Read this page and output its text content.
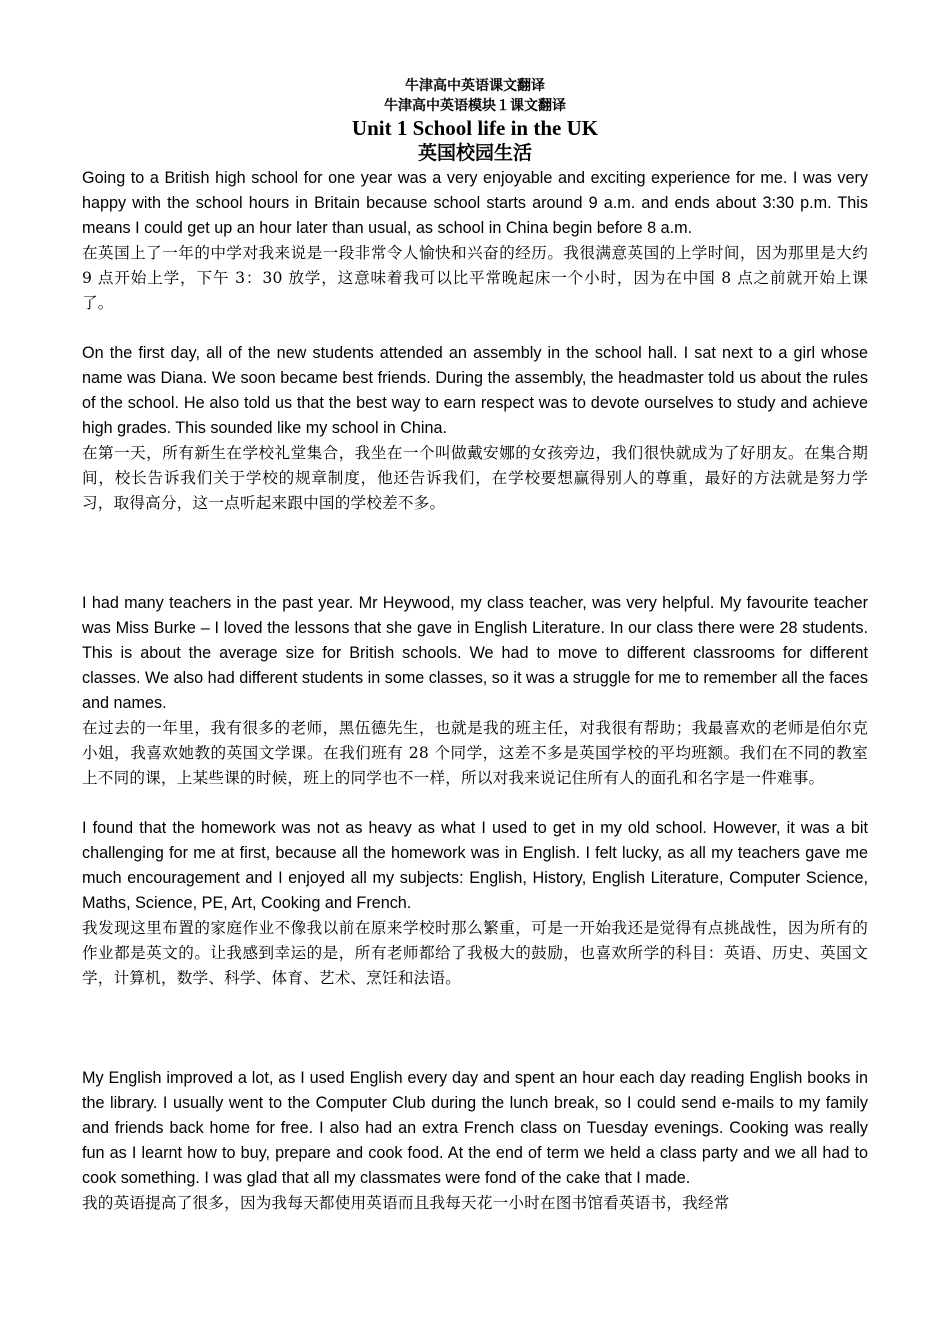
牛津高中英语课文翻译

牛津高中英语模块１课文翻译

Unit 1 School life in the UK

英国校园生活

Going to a British high school for one year was a very enjoyable and exciting experience for me. I was very happy with the school hours in Britain because school starts around 9 a.m. and ends about 3:30 p.m. This means I could get up an hour later than usual, as school in China begin before 8 a.m.

在英国上了一年的中学对我来说是一段非常令人愉快和兴奋的经历。我很满意英国的上学时间，因为那里是大约 9 点开始上学，下午 3：30 放学，这意味着我可以比平常晚起床一个小时，因为在中国 8 点之前就开始上课了。

On the first day, all of the new students attended an assembly in the school hall. I sat next to a girl whose name was Diana. We soon became best friends. During the assembly, the headmaster told us about the rules of the school. He also told us that the best way to earn respect was to devote ourselves to study and achieve high grades. This sounded like my school in China.

在第一天，所有新生在学校礼堂集合，我坐在一个叫做戴安娜的女孩旁边，我们很快就成为了好朋友。在集合期间，校长告诉我们关于学校的规章制度，他还告诉我们，在学校要想赢得别人的尊重，最好的方法就是努力学习，取得高分，这一点听起来跟中国的学校差不多。

I had many teachers in the past year. Mr Heywood, my class teacher, was very helpful. My favourite teacher was Miss Burke – I loved the lessons that she gave in English Literature. In our class there were 28 students. This is about the average size for British schools. We had to move to different classrooms for different classes. We also had different students in some classes, so it was a struggle for me to remember all the faces and names.

在过去的一年里，我有很多的老师，黑伍德先生，也就是我的班主任，对我很有帮助；我最喜欢的老师是伯尔克小姐，我喜欢她教的英国文学课。在我们班有 28 个同学，这差不多是英国学校的平均班额。我们在不同的教室上不同的课，上某些课的时候，班上的同学也不一样，所以对我来说记住所有人的面孔和名字是一件难事。

I found that the homework was not as heavy as what I used to get in my old school. However, it was a bit challenging for me at first, because all the homework was in English. I felt lucky, as all my teachers gave me much encouragement and I enjoyed all my subjects: English, History, English Literature, Computer Science, Maths, Science, PE, Art, Cooking and French.

我发现这里布置的家庭作业不像我以前在原来学校时那么繁重，可是一开始我还是觉得有点挑战性，因为所有的作业都是英文的。让我感到幸运的是，所有老师都给了我极大的鼓励，也喜欢所学的科目：英语、历史、英国文学，计算机，数学、科学、体育、艺术、烹饪和法语。

My English improved a lot, as I used English every day and spent an hour each day reading English books in the library. I usually went to the Computer Club during the lunch break, so I could send e-mails to my family and friends back home for free. I also had an extra French class on Tuesday evenings. Cooking was really fun as I learnt how to buy, prepare and cook food. At the end of term we held a class party and we all had to cook something. I was glad that all my classmates were fond of the cake that I made.

我的英语提高了很多，因为我每天都使用英语而且我每天花一小时在图书馆看英语书，我经常
